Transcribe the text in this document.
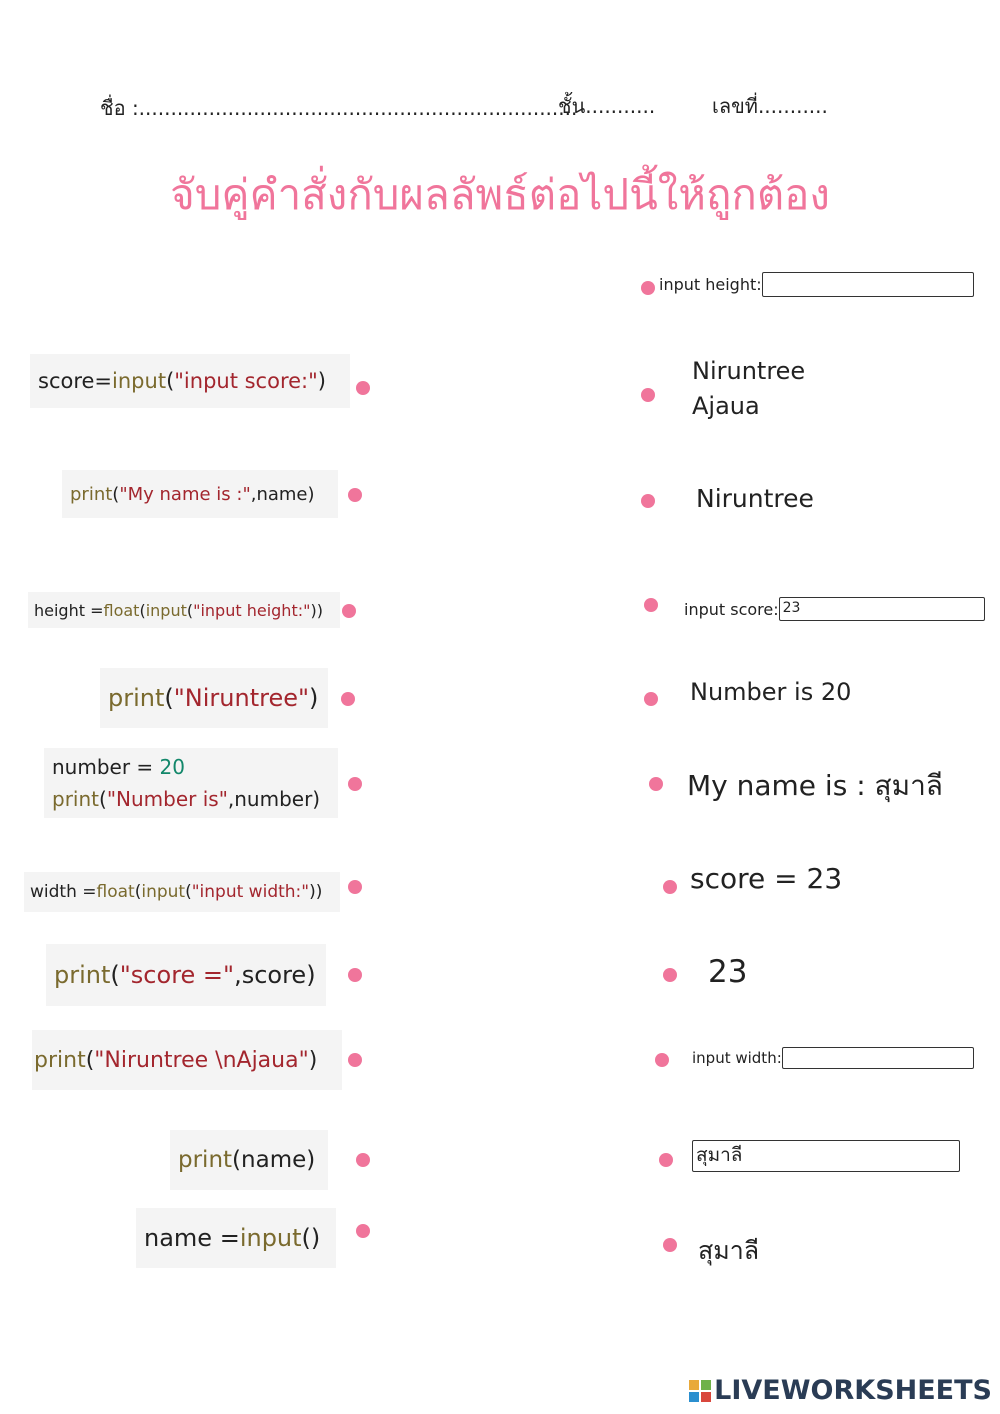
ชื่อ :.....................................................................
ชั้น...........	เลขที่...........
จับคู่คำสั่งกับผลลัพธ์ต่อไปนี้ให้ถูกต้อง
score=input("input score:")
print("My name is :",name)
height =float(input("input height:"))
print("Niruntree")
number = 20
print("Number is",number)
width =float(input("input width:"))
print("score =",score)
print("Niruntree \nAjaua")
print(name)
name =input()
input height:
Niruntree
Ajaua
Niruntree
input score: 23
Number is 20
My name is : สุมาลี
score = 23
23
input width:
สุมาลี
สุมาลี
LIVEWORKSHEETS
